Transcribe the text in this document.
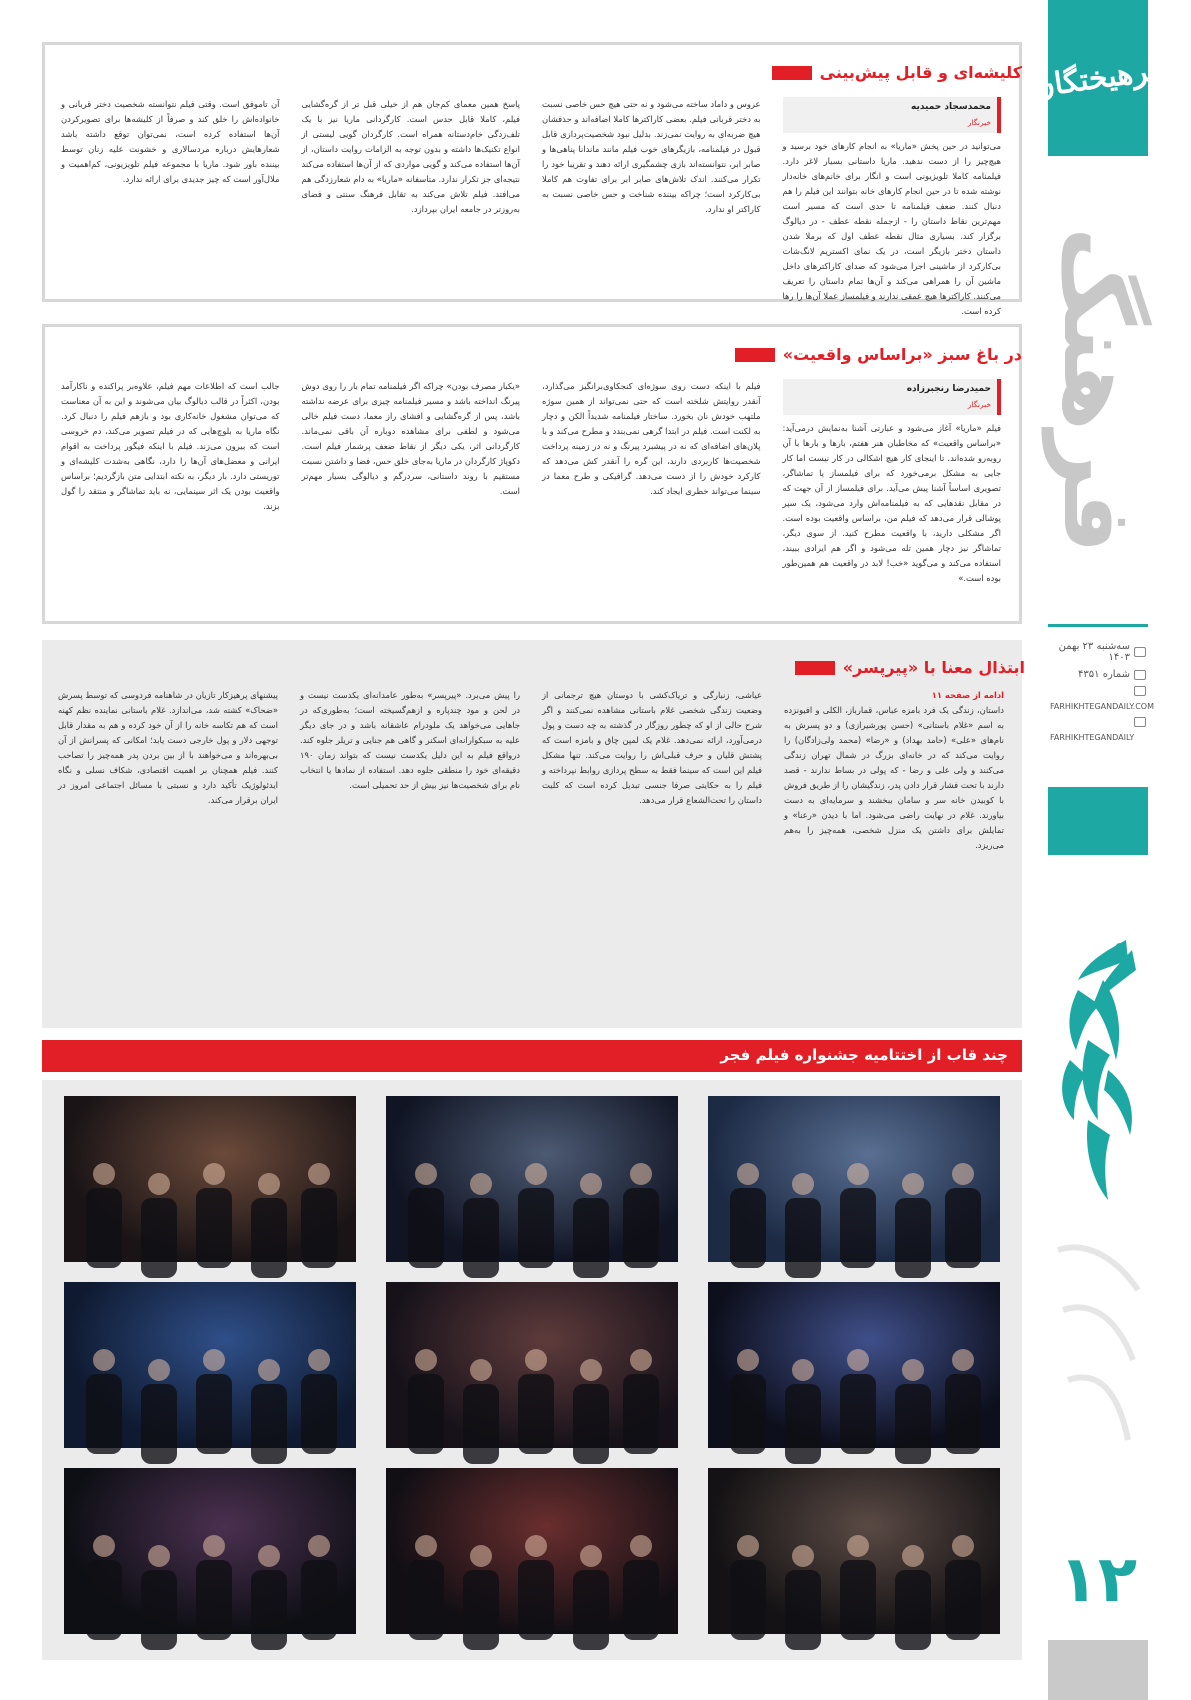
فرهیختگان
فرهنگ
سه‌شنبه ۲۳ بهمن ۱۴۰۳
شماره ۴۳۵۱
FARHIKHTEGANDAILY.COM
FARHIKHTEGANDAILY
۱۲
کلیشه‌ای‌ و قابل‌ پیش‌بینی
محمدسجاد حمیدیه
خبرنگار
می‌توانید در حین پخش «ماریا» به انجام کارهای خود برسید و هیچ‌چیز را از دست ندهید. ماریا داستانی بسیار لاغر دارد. فیلمنامه کاملا تلویزیونی است و انگار برای خانم‌های خانه‌دار نوشته شده تا در حین انجام کارهای خانه بتوانند این فیلم را هم دنبال کنند. ضعف فیلمنامه تا حدی است که مسیر است مهم‌ترین نقاط داستان را - ازجمله نقطه عطف - در دیالوگ برگزار کند. بسیاری مثال نقطه عطف اول که برملا شدن داستان دختر بازیگر است، در یک نمای اکستریم لانگ‌شات بی‌کارکرد از ماشینی اجرا می‌شود که صدای کاراکترهای داخل ماشین آن را همراهی می‌کند و آن‌ها تمام داستان را تعریف می‌کنند. کاراکترها هیچ عمقی ندارند و فیلمساز عملا آن‌ها را رها کرده است.
عروس و داماد ساخته می‌شود و نه حتی هیچ حس خاصی نسبت به دختر قربانی فیلم. بعضی کاراکترها کاملا اضافه‌اند و حذفشان هیچ ضربه‌ای به روایت نمی‌زند. بدلیل نبود شخصیت‌پردازی قابل قبول در فیلمنامه، بازیگرهای خوب فیلم مانند ماندانا پناهی‌ها و صابر ابر، نتوانسته‌اند بازی چشمگیری ارائه دهند و تقریبا خود را تکرار می‌کنند. اندک تلاش‌های صابر ابر برای تفاوت هم کاملا بی‌کارکرد است؛ چراکه بیننده شناخت و حس خاصی نسبت به کاراکتر او ندارد.
پاسخ همین معمای کم‌جان هم از خیلی قبل تر از گره‌گشایی فیلم، کاملا قابل حدس است. کارگردانی ماریا نیز با یک تلف‌زدگی خام‌دستانه همراه است. کارگردان گویی لیستی از انواع تکنیک‌ها داشته و بدون توجه به الزامات روایت داستان، از آن‌ها استفاده می‌کند و گویی مواردی که از آن‌ها استفاده می‌کند نتیجه‌ای جز تکرار ندارد. متاسفانه «ماریا» به دام شعارزدگی هم می‌افتد. فیلم تلاش می‌کند به تقابل فرهنگ سنتی و فضای به‌روزتر در جامعه ایران بپردازد.
آن تاموفق است. وقتی فیلم نتوانسته شخصیت دختر قربانی و خانواده‌اش را خلق کند و صرفاً از کلیشه‌ها برای تصویرکردن آن‌ها استفاده کرده است، نمی‌توان توقع داشته باشد شعارهایش درباره مردسالاری و خشونت علیه زنان توسط بیننده باور شود. ماریا با مجموعه فیلم تلویزیونی، کم‌اهمیت و ملال‌آور است که چیز جدیدی برای ارائه ندارد.
در باغ سبز «براساس واقعیت»
حمیدرضا رنجبرزاده
خبرنگار
فیلم «ماریا» آغاز می‌شود و عبارتی آشنا به‌نمایش درمی‌آید: «براساس واقعیت» که مخاطبان هنر هفتم، بارها و بارها با آن روبه‌رو شده‌اند. تا اینجای کار هیچ اشکالی در کار نیست اما کار جایی به مشکل برمی‌خورد که برای فیلمساز یا تماشاگر، تصویری اساساً آشنا پیش می‌آید. برای فیلمساز از آن جهت که در مقابل نقدهایی که به فیلمنامه‌اش وارد می‌شود، یک سپر پوشالی قرار می‌دهد که فیلم من، براساس واقعیت بوده است. اگر مشکلی دارید، با واقعیت مطرح کنید. از سوی دیگر، تماشاگر نیز دچار همین تله می‌شود و اگر هم ایرادی ببیند، استفاده می‌کند و می‌گوید «خب! لابد در واقعیت هم همین‌طور بوده است.»
فیلم با اینکه دست روی سوژه‌ای کنجکاوی‌برانگیز می‌گذارد، آنقدر روایتش شلخته است که حتی نمی‌تواند از همین سوژه ملتهب خودش نان بخورد. ساختار فیلمنامه شدیداً الکن و دچار به لکنت است. فیلم در ابتدا گرهی نمی‌بندد و مطرح می‌کند و با پلان‌های اضافه‌ای که نه در پیشبرد پیرنگ و نه در زمینه پرداخت شخصیت‌ها کاربردی دارند، این گره را آنقدر کش می‌دهد که کارکرد خودش را از دست می‌دهد. گرافیکی و طرح معما در سینما می‌تواند خطری ایجاد کند.
«یکبار مصرف بودن» چراکه اگر فیلمنامه تمام بار را روی دوش پیرنگ انداخته باشد و مسیر فیلمنامه چیزی برای عرضه نداشته باشد، پس از گره‌گشایی و افشای راز معما، دست فیلم خالی می‌شود و لطفی برای مشاهده دوباره آن باقی نمی‌ماند. کارگردانی اثر، یکی دیگر از نقاط ضعف پرشمار فیلم است. دکوپاژ کارگردان در ماریا به‌جای خلق حس، فضا و داشتن نسبت مستقیم با روند داستانی، سردرگم و دیالوگی بسیار مهم‌تر است.
جالب است که اطلاعات مهم فیلم، علاوه‌بر پراکنده و ناکارآمد بودن، اکثراً در قالب دیالوگ بیان می‌شوند و این به آن معناست که می‌توان مشغول خانه‌کاری بود و بازهم فیلم را دنبال کرد. نگاه ماریا به بلوچ‌هایی که در فیلم تصویر می‌کند، دم خروسی است که بیرون می‌زند. فیلم با اینکه فیگور پرداخت به اقوام ایرانی و معضل‌های آن‌ها را دارد، نگاهی به‌شدت کلیشه‌ای و توریستی دارد. بار دیگر، به نکته ابتدایی متن بازگردیم؛ براساس واقعیت بودن یک اثر سینمایی، نه باید تماشاگر و منتقد را گول بزند.
ابتذال معنا با «پیرپسر»
ادامه از صفحه ۱۱
داستان، زندگی یک فرد بامزه عباس، قمارباز، الکلی و افیونزده به اسم «غلام باستانی» (حسن پورشیرازی) و دو پسرش به نام‌های «علی» (حامد بهداد) و «رضا» (محمد ولی‌زادگان) را روایت می‌کند که در خانه‌ای بزرگ در شمال تهران زندگی می‌کنند و ولی علی و رضا - که پولی در بساط ندارند - قصد دارند با تحت فشار قرار دادن پدر، زندگیشان را از طریق فروش با کوبیدن خانه سر و سامان ببخشند و سرمایه‌ای به دست بیاورند. غلام در نهایت راضی می‌شود. اما با دیدن «رعنا» و تمایلش برای داشتن یک منزل شخصی، همه‌چیز را به‌هم می‌ریزد.
عیاشی، زنبارگی و تریاک‌کشی با دوستان هیچ ترجمانی از وضعیت زندگی شخصی غلام باستانی مشاهده نمی‌کنند و اگر شرح حالی از او که چطور روزگار در گذشته به چه دست و پول درمی‌آورد، ارائه نمی‌دهد. غلام یک لمپن چاق و بامزه است که پشتش قلیان و حرف قبلی‌اش را روایت می‌کند. تنها مشکل فیلم این است که سینما فقط به سطح پردازی روابط نپرداخته و فیلم را به حکایتی صرفا جنسی تبدیل کرده است که کلیت داستان را تحت‌الشعاع قرار می‌دهد.
را پیش می‌برد. «پیرپسر» به‌طور عامدانه‌ای یکدست نیست و در لحن و مود چندپاره و ازهم‌گسیخته است؛ به‌طوری‌که در جاهایی می‌خواهد یک ملودرام عاشقانه باشد و در جای دیگر علیه به سبکوارانه‌ای اسکنر و گاهی هم جنایی و تریلر جلوه کند. درواقع فیلم به این دلیل یکدست نیست که بتواند زمان ۱۹۰ دقیقه‌ای خود را منطقی جلوه دهد. استفاده از نمادها یا انتخاب نام برای شخصیت‌ها نیز بیش از حد تحمیلی است.
پیشنهای پرهیزکار تازیان در شاهنامه فردوسی که توسط پسرش «ضحاک» کشته شد، می‌اندازد. غلام باستانی نماینده نظم کهنه است که هم تکاسه خانه را از آن خود کرده و هم به مقدار قابل توجهی دلار و پول خارجی دست یابد؛ امکانی که پسرانش از آن بی‌بهره‌اند و می‌خواهند با از بین بردن پدر همه‌چیز را تصاحب کنند. فیلم همچنان بر اهمیت اقتصادی، شکاف نسلی و نگاه ایدئولوژیک تأکید دارد و نسبتی با مسائل اجتماعی امروز در ایران برقرار می‌کند.
چند قاب از اختتامیه جشنواره فیلم فجر
